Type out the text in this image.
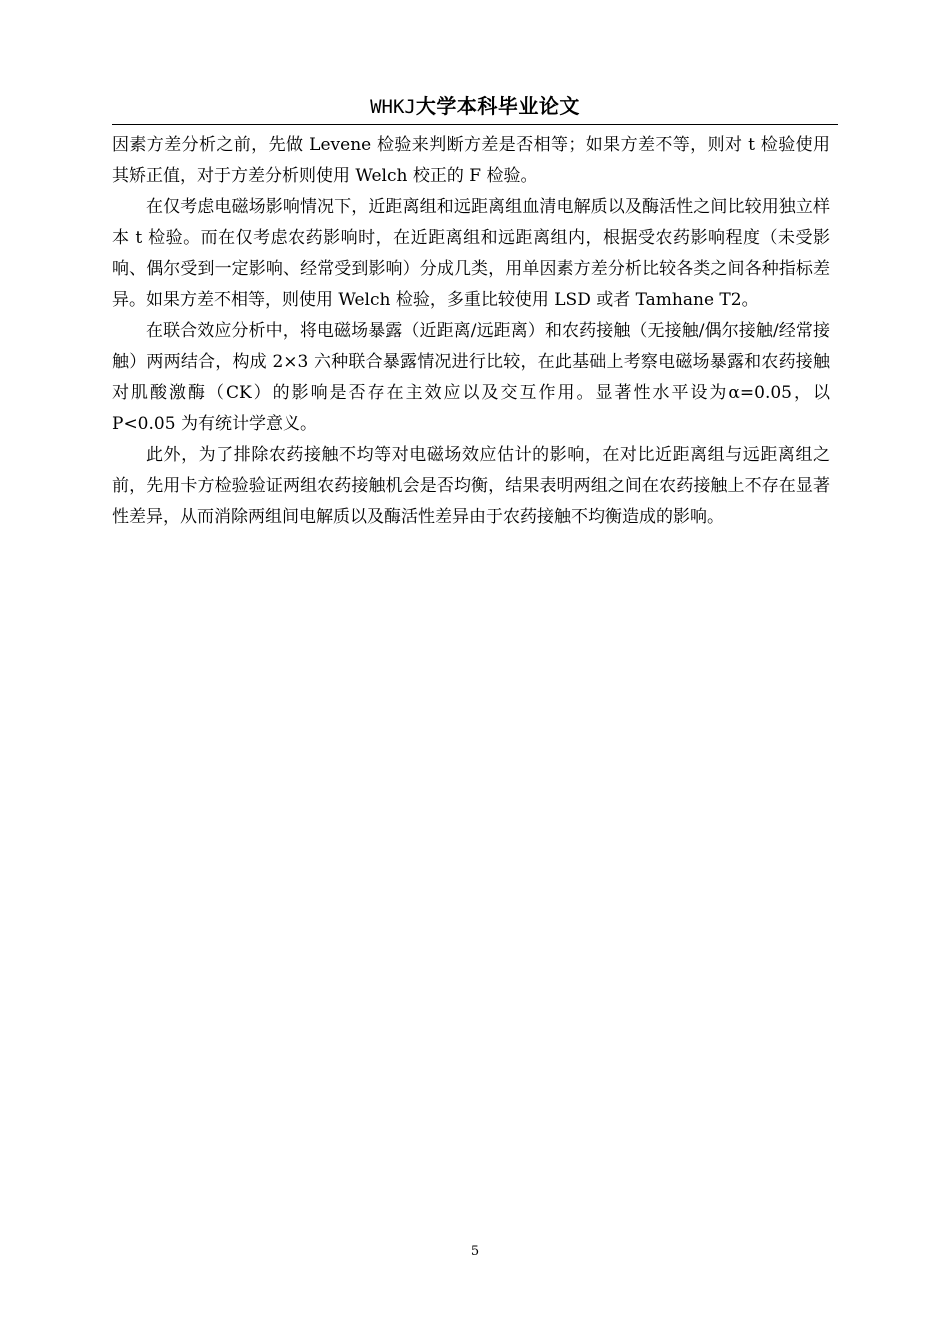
WHKJ大学本科毕业论文

因素方差分析之前，先做 Levene 检验来判断方差是否相等；如果方差不等，则对 t 检验使用其矫正值，对于方差分析则使用 Welch 校正的 F 检验。

在仅考虑电磁场影响情况下，近距离组和远距离组血清电解质以及酶活性之间比较用独立样本 t 检验。而在仅考虑农药影响时，在近距离组和远距离组内，根据受农药影响程度（未受影响、偶尔受到一定影响、经常受到影响）分成几类，用单因素方差分析比较各类之间各种指标差异。如果方差不相等，则使用 Welch 检验，多重比较使用 LSD 或者 Tamhane T2。

在联合效应分析中，将电磁场暴露（近距离/远距离）和农药接触（无接触/偶尔接触/经常接触）两两结合，构成 2×3 六种联合暴露情况进行比较，在此基础上考察电磁场暴露和农药接触对肌酸激酶（CK）的影响是否存在主效应以及交互作用。显著性水平设为α=0.05，以 P<0.05 为有统计学意义。

此外，为了排除农药接触不均等对电磁场效应估计的影响，在对比近距离组与远距离组之前，先用卡方检验验证两组农药接触机会是否均衡，结果表明两组之间在农药接触上不存在显著性差异，从而消除两组间电解质以及酶活性差异由于农药接触不均衡造成的影响。

5
